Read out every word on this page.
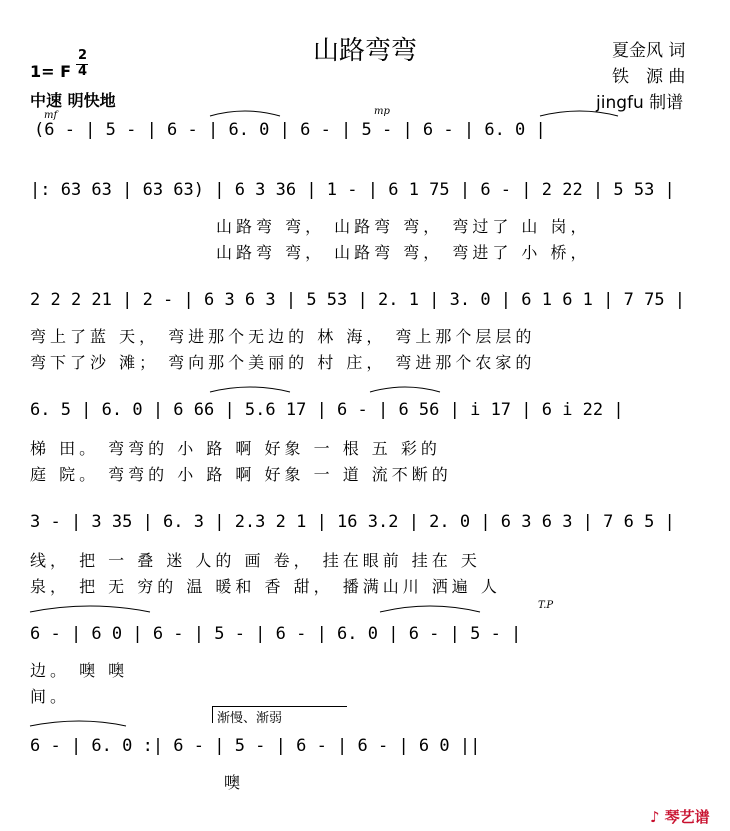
山路弯弯	夏金风 词
铁　源 曲
jingfu 制谱
1= F
2
4
中速 明快地
mf	mp
T.P
渐慢、渐弱
(6 - | 5 - | 6 - | 6. 0 | 6 - | 5 - | 6 - | 6. 0 |
|: 63 63 | 63 63) | 6 3 36 | 1 - | 6 1 75 | 6 - | 2 22 | 5 53 |
山路弯 弯， 山路弯 弯， 弯过了 山 岗，
山路弯 弯， 山路弯 弯， 弯进了 小 桥，
2 2 2 21 | 2 - | 6 3 6 3 | 5 53 | 2. 1 | 3. 0 | 6 1 6 1 | 7 75 |
弯上了蓝 天， 弯进那个无边的 林 海， 弯上那个层层的
弯下了沙 滩； 弯向那个美丽的 村 庄， 弯进那个农家的
6. 5 | 6. 0 | 6 66 | 5.6 17 | 6 - | 6 56 | i 17 | 6 i 22 |
梯 田。 弯弯的 小 路 啊 好象 一 根 五 彩的
庭 院。 弯弯的 小 路 啊 好象 一 道 流不断的
3 - | 3 35 | 6. 3 | 2.3 2 1 | 16 3.2 | 2. 0 | 6 3 6 3 | 7 6 5 |
线， 把 一 叠 迷 人的 画 卷， 挂在眼前 挂在 天
泉， 把 无 穷的 温 暖和 香 甜， 播满山川 洒遍 人
6 - | 6 0 | 6 - | 5 - | 6 - | 6. 0 | 6 - | 5 - |
边。 噢 噢
间。
6 - | 6. 0 :| 6 - | 5 - | 6 - | 6 - | 6 0 ||
噢
♪ 琴艺谱
